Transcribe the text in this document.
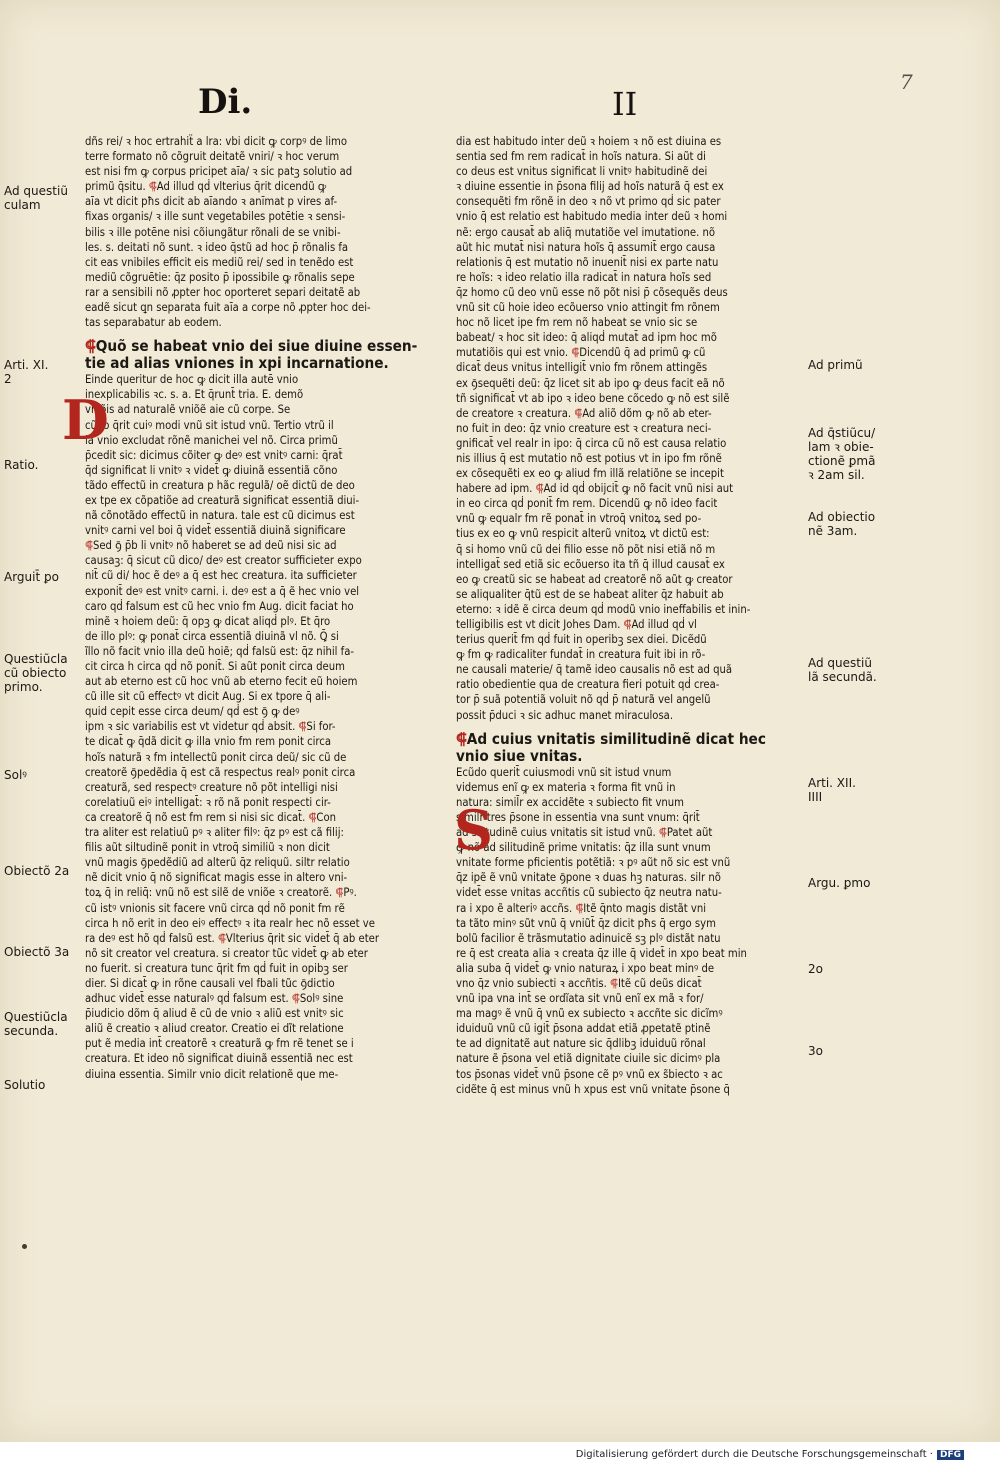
Di.	II
7
dñs rei/ ꝛ hoc ertrahiẗ a lra: vbi dicit ꝙ corpꝰ de limo
terre formato nõ cõgruit deitatẽ vniri/ ꝛ hoc verum
est nisi fm ꝙ corpus pricipet aīa/ ꝛ sic patꝫ solutio ad
primũ q̄situ. ⸿Ad illud qḋ vlterius q̄rit dicendũ ꝙ
aīa vt dicit pħs dicit ab aīando ꝛ anīmat p vires af-
fixas organis/ ꝛ ille sunt vegetabiles potētie ꝛ sensi-
bilis ꝛ ille potēne nisi cõiungãtur rõnali de se vnibi-
les. s. deitati nõ sunt. ꝛ ideo q̄stũ ad hoc p̄ rõnalis fa
cit eas vnibiles efficit eis mediũ rei/ sed in tenẽdo est
mediũ cõgruētie: q̄z posito p̄ ipossibile ꝙ rõnalis sepe
rar a sensibili nõ ꝓpter hoc oporteret separi deitatẽ ab
eadẽ sicut ꝗn separata fuit aīa a corpe nõ ꝓpter hoc dei-
tas separabatur ab eodem.
⸿Quõ se habeat vnio dei siue diuine essen-
tie ad alias vniones in xpi incarnatione.
Einde queritur de hoc ꝙ dicit illa autē vnio
inexplicabilis ꝛc. s. a. Et q̄runt̄ tria. E. demõ
vniõis ad naturalẽ vniõẽ aie cũ corpe. Se
cũdo q̄rit cuiꝰ modi vnũ sit istud vnũ. Tertio vtrũ il
la vnio excludat rõnẽ manichei vel nõ. Circa primũ
p̄cedit sic: dicimus cõiter ꝙ deꝰ est vnitꝰ carni: q̄rat̄
q̄d significat li vnitꝰ ꝛ videt̄ ꝙ diuinã essentiã cõno
tãdo effectũ in creatura p hãc regulã/ oẽ dictũ de deo
ex tpe ex cõpatiõe ad creaturã significat essentiã diui-
nã cõnotãdo effectũ in natura. tale est cũ dicimus est
vnitꝰ carni vel boi q̄ videt̄ essentiã diuinã significare
⸿Sed ꝯ̄ p̄b li vnitꝰ nõ haberet se ad deũ nisi sic ad
causaꝫ: q̄ sicut cũ dico/ deꝰ est creator sufficieter expo
nit̄ cũ di/ hoc ẽ deꝰ a q̄ est hec creatura. ita sufficieter
exponit̄ deꝰ est vnitꝰ carni. i. deꝰ est a q̄ ẽ hec vnio vel
caro qḋ falsum est cũ hec vnio fm Aug. dicit faciat ho
minẽ ꝛ hoiem deũ: q̄ opꝫ ꝙ dicat aliqḋ plꝰ. Et q̄ro
de illo plꝰ: ꝙ ponat̄ circa essentiã diuinã vl nõ. Ꝗ̄ si
ĩllo nõ facit vnio illa deũ hoiẽ; qḋ falsũ est: q̄z nihil fa-
cit circa h circa qḋ nõ ponit̄. Si aũt ponit circa deum
aut ab eterno est cũ hoc vnũ ab eterno fecit eũ hoiem
cũ ille sit cũ effectꝰ vt dicit Aug. Si ex tpore q̄ ali-
quid cepit esse circa deum/ qḋ est ꝯ̄ ꝙ deꝰ
ipm ꝛ sic variabilis est vt videtur qḋ absit. ⸿Si for-
te dicat̄ ꝙ q̄dã dicit ꝙ illa vnio fm rem ponit circa
hoĩs naturã ꝛ fm intellectũ ponit circa deũ/ sic cũ de
creatorẽ ꝯ̄pedẽdia q̄ est cã respectus realꝰ ponit circa
creaturã, sed respectꝰ creature nõ põt intelligi nisi
corelatiuũ eiꝰ intelligat̄: ꝛ rõ nã ponit respecti cir-
ca creatorẽ q̄ nõ est fm rem si nisi sic dicat̄. ⸿Con
tra aliter est relatiuũ pꝰ ꝛ aliter filꝰ: q̄z pꝰ est cã filij:
filis aũt siltudinẽ ponit in vtroq̄ similiũ ꝛ non dicit
vnũ magis ꝯ̄pedẽdiũ ad alterũ q̄z reliquũ. siltr relatio
nẽ dicit vnio q̄ nõ significat magis esse in altero vni-
toꝝ q̄ in reliq̄: vnũ nõ est silẽ de vniõe ꝛ creatorẽ. ⸿Pꝰ.
cũ istꝰ vnionis sit facere vnũ circa qḋ nõ ponit fm rẽ
circa h nõ erit in deo eiꝰ effectꝰ ꝛ ita realr hec nõ esset ve
ra deꝰ est hõ qḋ falsũ est. ⸿Vlterius q̄rit sic videt̄ q̄ ab eter
nõ sit creator vel creatura. si creator tũc videt̄ ꝙ ab eter
no fuerit. si creatura tunc q̄rit fm qḋ fuit in opibꝫ ser
dier. Si dicat̄ ꝙ in rõne causali vel fbali tũc ꝯ̄dictio
adhuc videt̄ esse naturalꝰ qḋ falsum est. ⸿Solꝰ sine
p̄iudicio dõm q̄ aliud ẽ cũ de vnio ꝛ aliũ est vnitꝰ sic
aliũ ẽ creatio ꝛ aliud creator. Creatio ei dĩt relatione
put ẽ media int̄ creatorẽ ꝛ creaturã ꝙ fm rẽ tenet se i
creatura. Et ideo nõ significat diuinã essentiã nec est
diuina essentia. Similr vnio dicit relationẽ que me-
dia est habitudo inter deũ ꝛ hoiem ꝛ nõ est diuina es
sentia sed fm rem radicat̄ in hoĩs natura. Si aũt di
co deus est vnitus significat li vnitꝰ habitudinẽ dei
ꝛ diuine essentie in p̄sona filij ad hoĩs naturã q̄ est ex
consequẽti fm rõnẽ in deo ꝛ nõ vt primo qḋ sic pater
vnio q̄ est relatio est habitudo media inter deũ ꝛ homi
nẽ: ergo causat̄ ab aliq̄ mutatiõe vel imutatione. nõ
aũt hic mutat̄ nisi natura hoĩs q̄ assumit̄ ergo causa
relationis q̄ est mutatio nõ inuenit̄ nisi ex parte natu
re hoĩs: ꝛ ideo relatio illa radicat̄ in natura hoĩs sed
q̄z homo cũ deo vnũ esse nõ põt nisi p̄ cõsequẽs deus
vnũ sit cũ hoie ideo ecõuerso vnio attingit fm rõnem
hoc nõ licet ipe fm rem nõ habeat se vnio sic se
babeat/ ꝛ hoc sit ideo: q̄ aliqḋ mutat̄ ad ipm hoc mõ
mutatiõis qui est vnio. ⸿Dicendũ q̄ ad primũ ꝙ cũ
dicat̄ deus vnitus intelligit̄ vnio fm rõnem attingẽs
ex ꝯ̄sequẽti deũ: q̄z licet sit ab ipo ꝙ deus facit eã nõ
tñ significat̄ vt ab ipo ꝛ ideo bene cõcedo ꝙ nõ est silẽ
de creatore ꝛ creatura. ⸿Ad aliõ dõm ꝙ nõ ab eter-
no fuit in deo: q̄z vnio creature est ꝛ creatura neci-
gnificat̄ vel realr in ipo: q̄ circa cũ nõ est causa relatio
nis illius q̄ est mutatio nõ est potius vt in ipo fm rõnẽ
ex cõsequẽti ex eo ꝙ aliud fm illã relatiõne se incepit
habere ad ipm. ⸿Ad id qḋ obijcit̄ ꝙ nõ facit vnũ nisi aut
in eo circa qḋ ponit̄ fm rem. Dicendũ ꝙ nõ ideo facit
vnũ ꝙ equalr fm rẽ ponat̄ in vtroq̄ vnitoꝝ sed po-
tius ex eo ꝙ vnũ respicit alterũ vnitoꝝ vt dictũ est:
q̄ si homo vnũ cũ dei filio esse nõ põt nisi etiã nõ m
intelligat̄ sed etiã sic ecõuerso ita tñ q̄ illud causat̄ ex
eo ꝙ creatũ sic se habeat ad creatorẽ nõ aũt ꝙ creator
se aliqualiter q̄tũ est de se habeat aliter q̄z habuit ab
eterno: ꝛ idẽ ẽ circa deum qḋ modũ vnio ineffabilis et inin-
telligibilis est vt dicit Johes Dam. ⸿Ad illud qḋ vl
terius querit̄ fm qḋ fuit in operibꝫ sex diei. Dicẽdũ
ꝙ fm ꝙ radicaliter fundat̄ in creatura fuit ibi in rõ-
ne causali materie/ q̄ tamẽ ideo causalis nõ est ad quã
ratio obedientie qua de creatura fieri potuit qḋ crea-
tor p̄ suã potentiã voluit nõ qḋ p̄ naturã vel angelũ
possit p̄duci ꝛ sic adhuc manet miraculosa.
⸿Ad cuius vnitatis similitudinẽ dicat̄ hec
vnio siue vnitas.
Ecũdo querit̄ cuiusmodi vnũ sit istud vnum
videmus enĩ ꝙ ex materia ꝛ forma fit vnũ in
natura: simil̄r ex accidẽte ꝛ subiecto fit vnum
simil̄r tres p̄sone in essentia vna sunt vnum: q̄rit̄
ad silitudinẽ cuius vnitatis sit istud vnũ. ⸿Patet aũt
ꝙ nõ ad silitudinẽ prime vnitatis: q̄z illa sunt vnum
vnitate forme pficientis potẽtiã: ꝛ pꝰ aũt nõ sic est vnũ
q̄z ipẽ ẽ vnũ vnitate ꝯ̄pone ꝛ duas hꝫ naturas. silr nõ
videt̄ esse vnitas accñtis cũ subiecto q̄z neutra natu-
ra i xpo ẽ alteriꝰ accñs. ⸿Itẽ q̄nto magis distãt vni
ta tãto minꝰ sũt vnũ q̄ vniũt̄ q̄z dicit pħs q̄ ergo sym
bolũ facilior ẽ trãsmutatio adinuicẽ sꝫ plꝰ distãt natu
re q̄ est creata alia ꝛ creata q̄z ille q̄ videt̄ in xpo beat min
alia suba q̄ videt̄ ꝙ vnio naturaꝝ i xpo beat minꝰ de
vno q̄z vnio subiecti ꝛ accñtis. ⸿Itẽ cũ deũs dicat̄
vnũ ipa vna int̄ se ordĩata sit vnũ enĩ ex mã ꝛ for/
ma magꝰ ẽ vnũ q̄ vnũ ex subiecto ꝛ accñte sic dicĩmꝰ
iduiduũ vnũ cũ igit̄ p̄sona addat etiã ꝓpetatẽ ptinẽ
te ad dignitatẽ aut nature sic q̄dlibꝫ iduiduũ rõnal
nature ẽ p̄sona vel etiã dignitate ciuile sic dicimꝰ pla
tos p̄sonas videt̄ vnũ p̄sone cẽ pꝰ vnũ ex s̃biecto ꝛ ac
cidẽte q̄ est minus vnũ h xpus est vnũ vnitate p̄sone q̄
D
S
Ad questiũ
culam
Arti. XI.
2
Ratio.
Arguit̄ ꝑo
Questiũcla
cũ obiecto
primo.
Solꝰ
Obiectõ 2a
Obiectõ 3a
Questiũcla
secunda.
Solutio
Ad primũ
Ad q̄stiũcu/
lam ꝛ obie-
ctionẽ ꝑmã
ꝛ 2am sil.
Ad obiectio
nẽ 3am.
Ad questiũ
lã secundã.
Arti. XII.
IIII
Argu. ꝑmo
2o
3o
Digitalisierung gefördert durch die Deutsche Forschungsgemeinschaft · DFG
